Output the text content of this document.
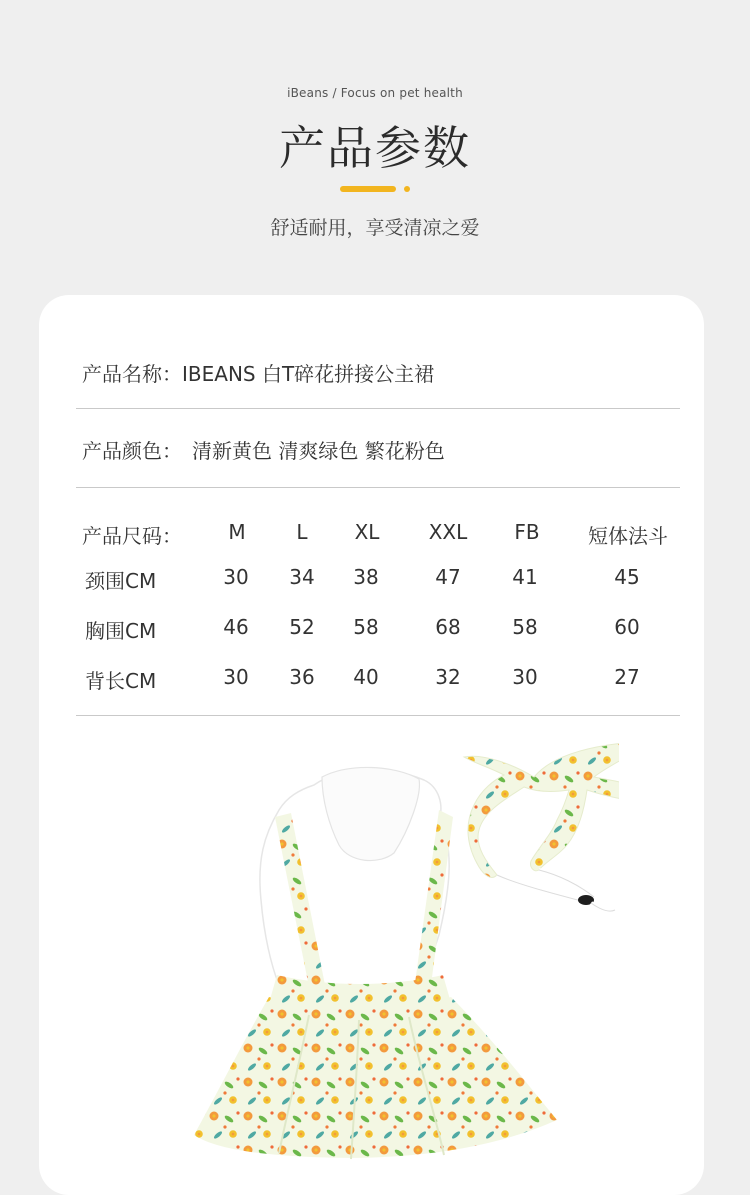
iBeans / Focus on pet health
产品参数
舒适耐用，享受清凉之爱
产品名称：IBEANS 白T碎花拼接公主裙
产品颜色： 清新黄色 清爽绿色 繁花粉色
产品尺码：	M	L	XL	XXL	FB	短体法斗
颈围CM	30	34	38	47	41	45
胸围CM	46	52	58	68	58	60
背长CM	30	36	40	32	30	27
